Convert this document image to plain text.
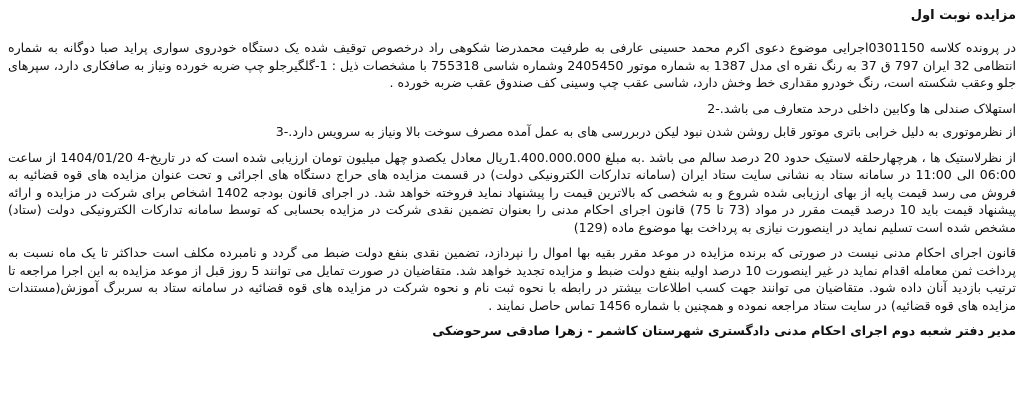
مزایده نوبت اول
در پرونده کلاسه 0301150اجرایی موضوع دعوی اکرم محمد حسینی عارفی به طرفیت محمدرضا شکوهی راد درخصوص توقیف شده یک دستگاه خودروی سواری پراید صبا دوگانه به شماره انتظامی 32 ایران 797 ق 37 به رنگ نقره ای مدل 1387 به شماره موتور 2405450 وشماره شاسی 755318 با مشخصات ذیل : 1-گلگیرجلو چپ ضربه خورده ونیاز به صافکاری دارد، سپرهای جلو وعقب شکسته است، رنگ خودرو مقداری خط وخش دارد، شاسی عقب چپ وسینی کف صندوق عقب ضربه خورده .
استهلاک صندلی ها وکابین داخلی درحد متعارف می باشد.-2
از نظرموتوری به دلیل خرابی باتری موتور قابل روشن شدن نبود لیکن دربررسی های به عمل آمده مصرف سوخت بالا ونیاز به سرویس دارد.-3
از نظرلاستیک ها ، هرچهارحلقه لاستیک حدود 20 درصد سالم می باشد .به مبلغ 1.400.000.000ریال معادل یکصدو چهل میلیون تومان ارزیابی شده است که در تاریخ-4 1404/01/20 از ساعت 06:00 الی 11:00 در سامانه ستاد به نشانی سایت ستاد ایران (سامانه تدارکات الکترونیکی دولت) در قسمت مزایده های حراج دستگاه های اجرائی و تحت عنوان مزایده های قوه قضائیه به فروش می رسد قیمت پایه از بهای ارزیابی شده شروع و به شخصی که بالاترین قیمت را پیشنهاد نماید فروخته خواهد شد. در اجرای قانون بودجه 1402 اشخاص برای شرکت در مزایده و ارائه پیشنهاد قیمت باید 10 درصد قیمت مقرر در مواد (73 تا 75) قانون اجرای احکام مدنی را بعنوان تضمین نقدی شرکت در مزایده بحسابی که توسط سامانه تدارکات الکترونیکی دولت (ستاد) مشخص شده است تسلیم نماید در اینصورت نیازی به پرداخت بها موضوع ماده (129)
قانون اجرای احکام مدنی نیست در صورتی که برنده مزایده در موعد مقرر بقیه بها اموال را نپردازد، تضمین نقدی بنفع دولت ضبط می گردد و نامبرده مکلف است حداکثر تا یک ماه نسبت به پرداخت ثمن معامله اقدام نماید در غیر اینصورت 10 درصد اولیه بنفع دولت ضبط و مزایده تجدید خواهد شد. متقاضیان در صورت تمایل می توانند 5 روز قبل از موعد مزایده به این اجرا مراجعه تا ترتیب بازدید آنان داده شود. متقاضیان می توانند جهت کسب اطلاعات بیشتر در رابطه با نحوه ثبت نام و نحوه شرکت در مزایده های قوه قضائیه در سامانه ستاد به سربرگ آموزش(مستندات مزایده های قوه قضائیه) در سایت ستاد مراجعه نموده و همچنین با شماره 1456 تماس حاصل نمایند .
مدیر دفتر شعبه دوم اجرای احکام مدنی دادگستری شهرستان کاشمر - زهرا صادقی سرحوضکی
